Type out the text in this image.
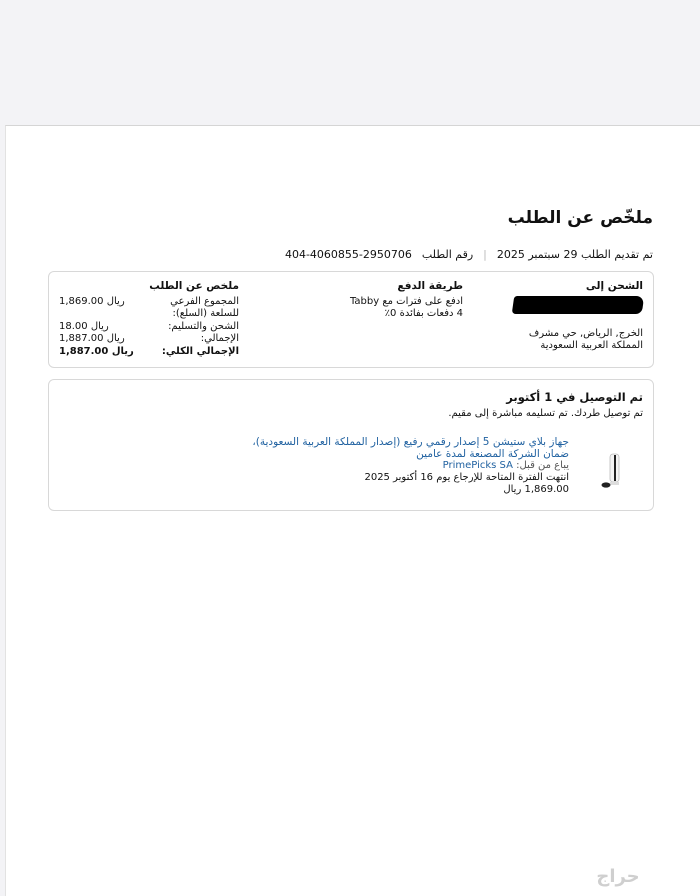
ملخّص عن الطلب
تم تقديم الطلب 29 سبتمبر 2025
|
رقم الطلب
404-4060855-2950706
الشحن إلى
الخرج, الرياض, حي مشرف
المملكة العربية السعودية
طريقة الدفع
ادفع على فترات مع Tabby
4 دفعات بفائدة 0٪
ملخص عن الطلب
المجموع الفرعي للسلعة (السلع):
1,869.00 ريال
الشحن والتسليم:
18.00 ريال
الإجمالي:
1,887.00 ريال
الإجمالي الكلي:
1,887.00 ريال
تم التوصيل في 1 أكتوبر
تم توصيل طردك. تم تسليمه مباشرة إلى مقيم.
جهاز بلاي ستيشن 5 إصدار رقمي رفيع (إصدار المملكة العربية السعودية)، ضمان الشركة المصنعة لمدة عامين
يباع من قبل: PrimePicks SA
انتهت الفترة المتاحة للإرجاع يوم 16 أكتوبر 2025
1,869.00 ريال
حراج
